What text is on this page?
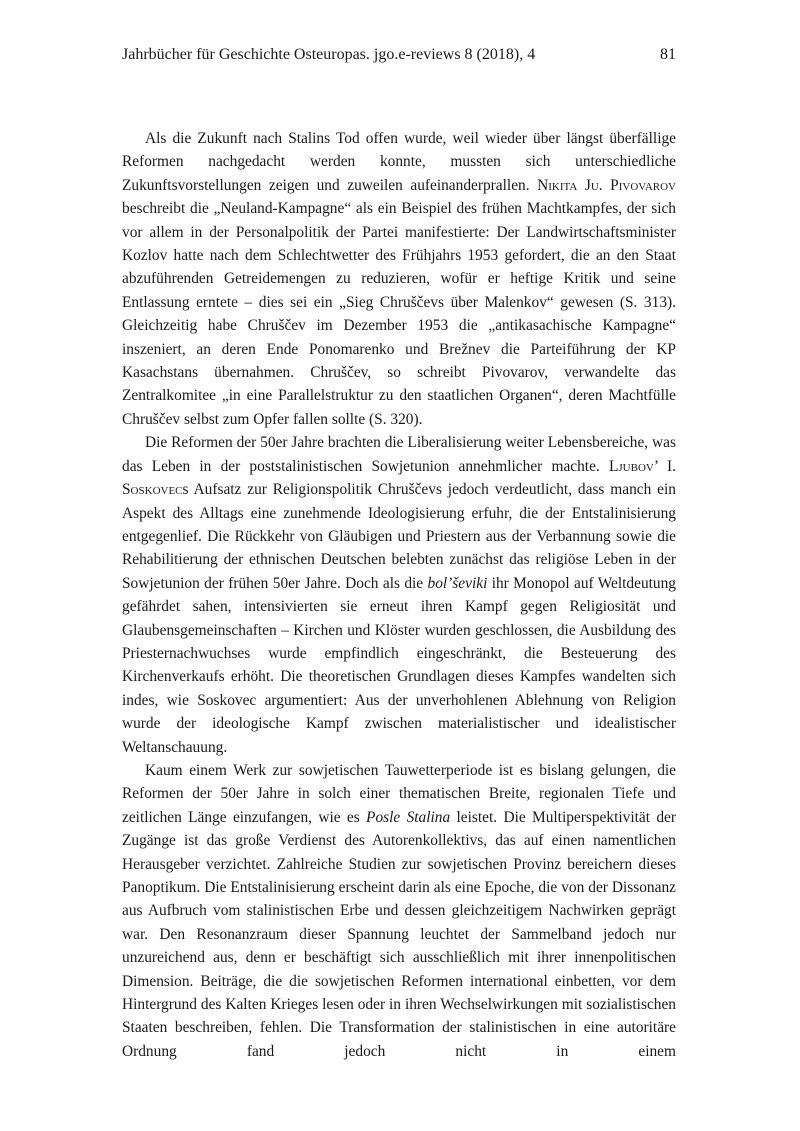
Jahrbücher für Geschichte Osteuropas. jgo.e-reviews 8 (2018), 4	81

Als die Zukunft nach Stalins Tod offen wurde, weil wieder über längst überfällige Reformen nachgedacht werden konnte, mussten sich unterschiedliche Zukunftsvorstellungen zeigen und zuweilen aufeinanderprallen. Nikita Ju. Pivovarov beschreibt die „Neuland-Kampagne“ als ein Beispiel des frühen Machtkampfes, der sich vor allem in der Personalpolitik der Partei manifestierte: Der Landwirtschaftsminister Kozlov hatte nach dem Schlechtwetter des Frühjahrs 1953 gefordert, die an den Staat abzuführenden Getreidemengen zu reduzieren, wofür er heftige Kritik und seine Entlassung erntete – dies sei ein „Sieg Chruščevs über Malenkov“ gewesen (S. 313). Gleichzeitig habe Chruščev im Dezember 1953 die „antikasachische Kampagne“ inszeniert, an deren Ende Ponomarenko und Brežnev die Parteiführung der KP Kasachstans übernahmen. Chruščev, so schreibt Pivovarov, verwandelte das Zentralkomitee „in eine Parallelstruktur zu den staatlichen Organen“, deren Machtfülle Chruščev selbst zum Opfer fallen sollte (S. 320).

Die Reformen der 50er Jahre brachten die Liberalisierung weiter Lebensbereiche, was das Leben in der poststalinistischen Sowjetunion annehmlicher machte. Ljubov’ I. Soskovecs Aufsatz zur Religionspolitik Chruščevs jedoch verdeutlicht, dass manch ein Aspekt des Alltags eine zunehmende Ideologisierung erfuhr, die der Entstalinisierung entgegenlief. Die Rückkehr von Gläubigen und Priestern aus der Verbannung sowie die Rehabilitierung der ethnischen Deutschen belebten zunächst das religiöse Leben in der Sowjetunion der frühen 50er Jahre. Doch als die bol’ševiki ihr Monopol auf Weltdeutung gefährdet sahen, intensivierten sie erneut ihren Kampf gegen Religiosität und Glaubensgemeinschaften – Kirchen und Klöster wurden geschlossen, die Ausbildung des Priesternachwuchses wurde empfindlich eingeschränkt, die Besteuerung des Kirchenverkaufs erhöht. Die theoretischen Grundlagen dieses Kampfes wandelten sich indes, wie Soskovec argumentiert: Aus der unverhohlenen Ablehnung von Religion wurde der ideologische Kampf zwischen materialistischer und idealistischer Weltanschauung.

Kaum einem Werk zur sowjetischen Tauwetterperiode ist es bislang gelungen, die Reformen der 50er Jahre in solch einer thematischen Breite, regionalen Tiefe und zeitlichen Länge einzufangen, wie es Posle Stalina leistet. Die Multiperspektivität der Zugänge ist das große Verdienst des Autorenkollektivs, das auf einen namentlichen Herausgeber verzichtet. Zahlreiche Studien zur sowjetischen Provinz bereichern dieses Panoptikum. Die Entstalinisierung erscheint darin als eine Epoche, die von der Dissonanz aus Aufbruch vom stalinistischen Erbe und dessen gleichzeitigem Nachwirken geprägt war. Den Resonanzraum dieser Spannung leuchtet der Sammelband jedoch nur unzureichend aus, denn er beschäftigt sich ausschließlich mit ihrer innenpolitischen Dimension. Beiträge, die die sowjetischen Reformen international einbetten, vor dem Hintergrund des Kalten Krieges lesen oder in ihren Wechselwirkungen mit sozialistischen Staaten beschreiben, fehlen. Die Transformation der stalinistischen in eine autoritäre Ordnung fand jedoch nicht in einem
